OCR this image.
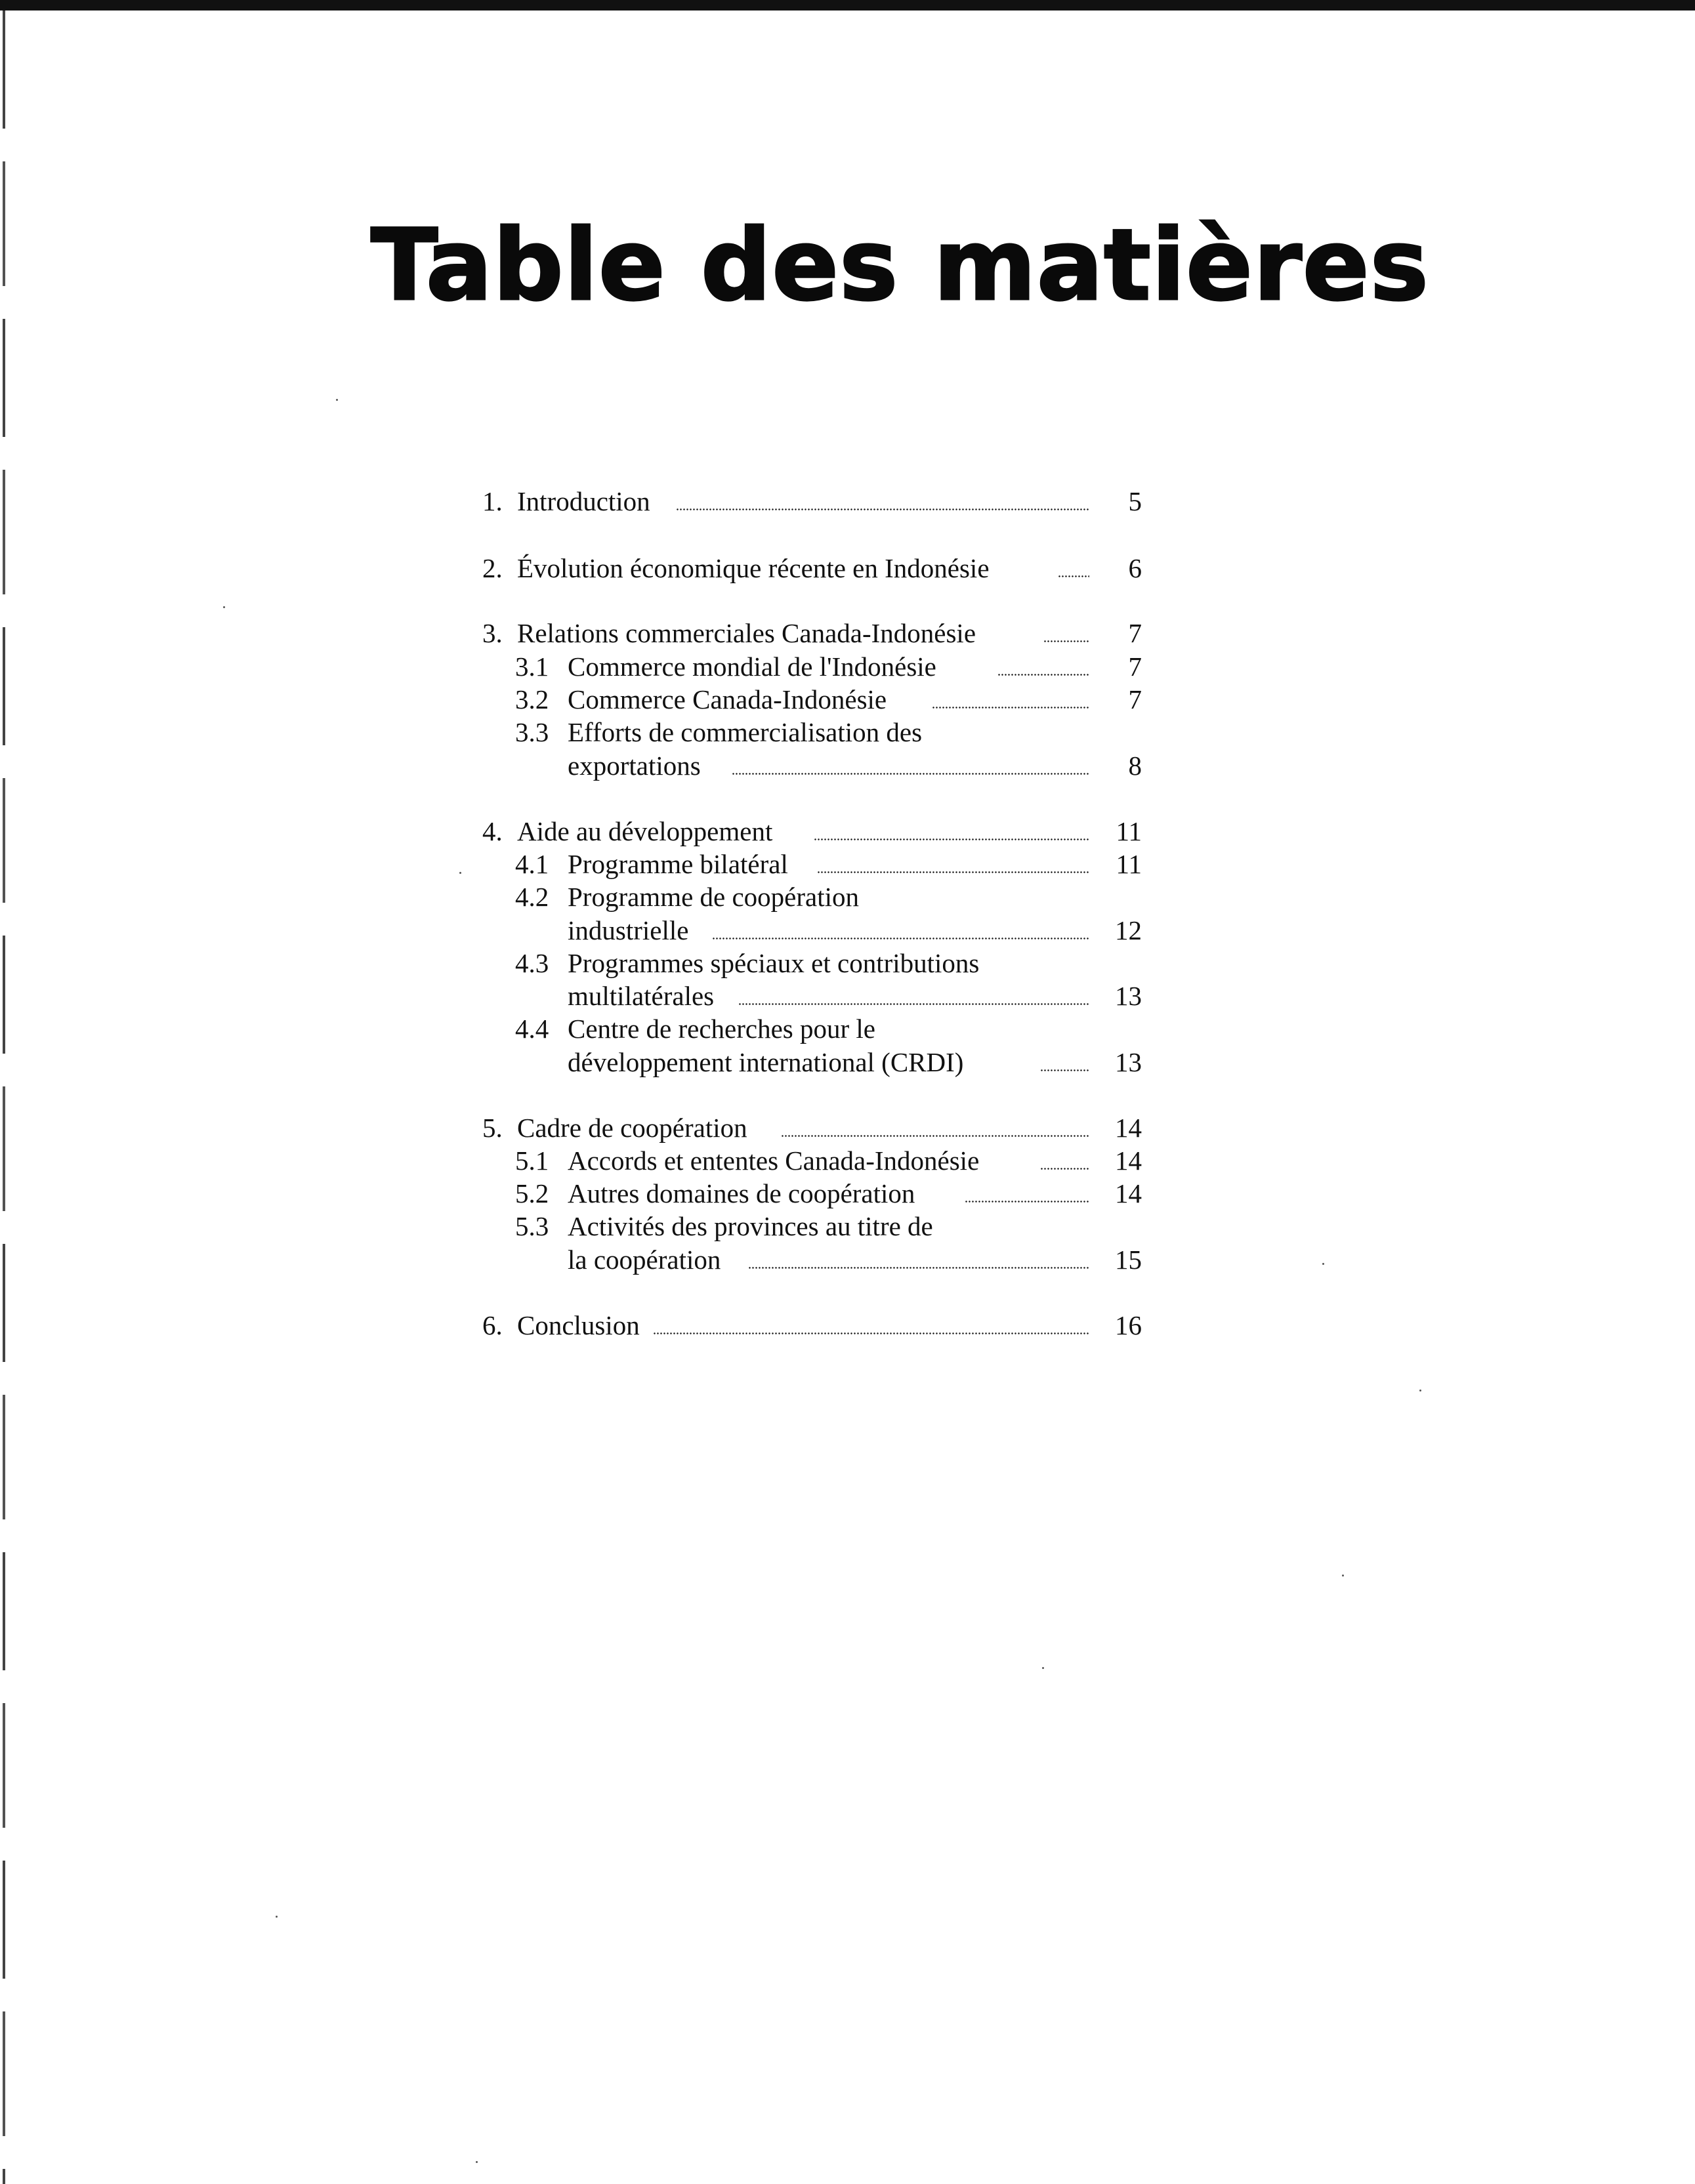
Table des matières
1. Introduction	5
2. Évolution économique récente en Indonésie	6
3. Relations commerciales Canada-Indonésie	7
3.1 Commerce mondial de l'Indonésie	7
3.2 Commerce Canada-Indonésie	7
3.3 Efforts de commercialisation des
exportations	8
4. Aide au développement	11
4.1 Programme bilatéral	11
4.2 Programme de coopération
industrielle	12
4.3 Programmes spéciaux et contributions
multilatérales	13
4.4 Centre de recherches pour le
développement international (CRDI)	13
5. Cadre de coopération	14
5.1 Accords et ententes Canada-Indonésie	14
5.2 Autres domaines de coopération	14
5.3 Activités des provinces au titre de
la coopération	15
6. Conclusion	16
